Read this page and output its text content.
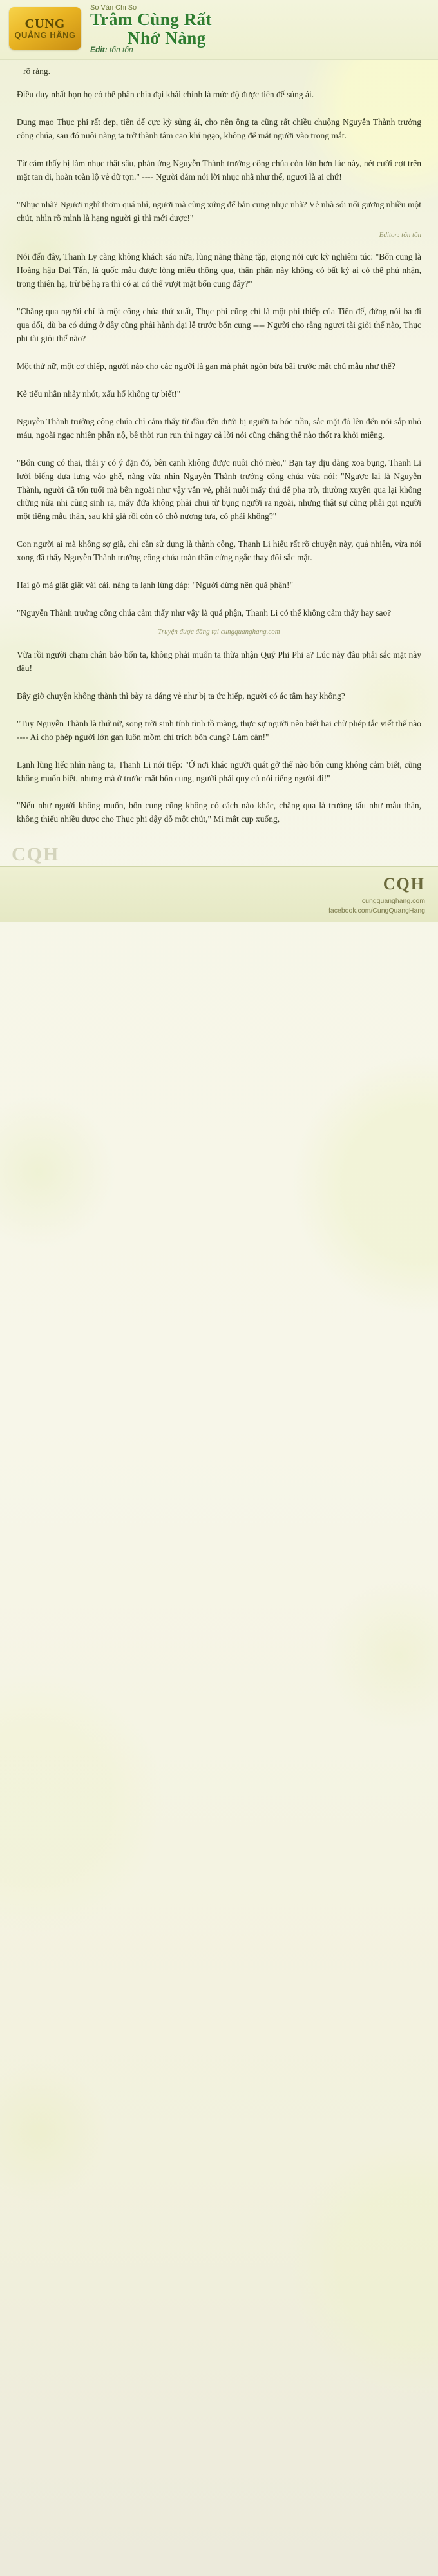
CUNG
QUẢNG HẰNG
So Văn Chi So
Trâm Cùng Rất
Nhớ Nàng
Edit: tốn tốn
rõ ràng.

Điều duy nhất bọn họ có thể phân chia đại khái chính là mức độ được tiên đế sủng ái.

Dung mạo Thục phi rất đẹp, tiên đế cực kỳ sủng ái, cho nên ông ta cũng rất chiều chuộng Nguyễn Thành trưởng công chúa, sau đó nuôi nàng ta trở thành tâm cao khí ngạo, không để mắt người vào trong mắt.

Từ cảm thấy bị làm nhục thật sâu, phản ứng Nguyễn Thành trưởng công chúa còn lớn hơn lúc này, nét cười cợt trên mặt tan đi, hoàn toàn lộ vẻ dữ tợn." ---- Người dám nói lời nhục nhã như thế, ngươi là ai chứ!

"Nhục nhã? Ngươi nghĩ thơm quá nhỉ, ngươi mà cũng xứng để bản cung nhục nhã? Vẻ nhà sói nổi gương nhiều một chút, nhìn rõ mình là hạng người gì thì mới được!"

Editor: tốn tốn

Nói đến đây, Thanh Ly càng không khách sáo nữa, lùng nàng thăng tặp, giọng nói cực kỳ nghiêm túc: "Bổn cung là Hoàng hậu Đại Tấn, là quốc mẫu được lòng miêu thông qua, thân phận này không có bất kỳ ai có thể phủ nhận, trong thiên hạ, trừ bệ hạ ra thì có ai có thể vượt mặt bổn cung đây?"

"Chẳng qua người chỉ là một công chúa thứ xuất, Thục phi cũng chỉ là một phi thiếp của Tiên đế, đứng nói ba đi qua đối, dù ba có đứng ở đây cũng phải hành đại lễ trước bổn cung ---- Người cho rằng ngươi tài giỏi thế nào, Thục phi tài giỏi thế nào?

Một thứ nữ, một cơ thiếp, người nào cho các người là gan mà phát ngôn bừa bãi trước mặt chủ mẫu như thế?

Kẻ tiểu nhân nhảy nhót, xấu hổ không tự biết!"

Nguyễn Thành trưởng công chúa chỉ cảm thấy từ đầu đến dưới bị người ta bóc trần, sắc mặt đỏ lên đến nói sắp nhỏ máu, ngoài ngạc nhiên phẫn nộ, bê thời run run thì ngay cả lời nói cũng chẳng thể nào thốt ra khỏi miệng.

"Bổn cung có thai, thái y có ý đặn đó, bên cạnh không được nuôi chó mèo," Bạn tay dịu dàng xoa bụng, Thanh Li lười biếng dựa lưng vào ghế, nàng vừa nhìn Nguyễn Thành trưởng công chúa vừa nói: "Ngược lại là Nguyễn Thành, người đã tốn tuổi mà bên ngoài như vậy vẫn vẻ, phải nuôi mấy thú để pha trò, thường xuyên qua lại không chừng nữa nhi cũng sinh ra, mấy đứa không phải chui từ bụng người ra ngoài, nhưng thật sự cũng phải gọi người một tiếng mẫu thân, sau khi già rồi còn có chỗ nương tựa, có phải không?"

Con người ai mà không sợ già, chỉ cần sử dụng là thành công, Thanh Li hiểu rất rõ chuyện này, quả nhiên, vừa nói xong đã thấy Nguyễn Thành trưởng công chúa toàn thân cứng ngắc thay đổi sắc mặt.

Hai gò má giật giật vài cái, nàng ta lạnh lùng đáp: "Người đừng nên quá phận!"

"Nguyễn Thành trưởng công chúa cảm thấy như vậy là quá phận, Thanh Li có thể không cảm thấy hay sao?

Truyện được đăng tại cungquanghang.com

Vừa rồi người chạm chân bảo bổn ta, không phải muốn ta thừa nhận Quý Phi Phi a? Lúc này đâu phải sắc mặt này đâu!

Bây giờ chuyện không thành thì bày ra dáng vẻ như bị ta ức hiếp, người có ác tâm hay không?

"Tuy Nguyễn Thành là thứ nữ, song trời sinh tính tình tồ mãng, thực sự người nên biết hai chữ phép tắc viết thế nào ---- Ai cho phép người lớn gan luôn mồm chỉ trích bổn cung? Làm càn!"

Lạnh lùng liếc nhìn nàng ta, Thanh Li nói tiếp: "Ở nơi khác người quát gở thế nào bổn cung không cảm biết, cũng không muốn biết, nhưng mà ở trước mặt bổn cung, người phải quy củ nói tiếng người đi!"

"Nếu như người không muốn, bổn cung cũng không có cách nào khác, chẳng qua là trưởng tấu như mẫu thân, không thiếu nhiều được cho Thục phi dậy dỗ một chút," Mi mắt cụp xuống,

CQH
CQH
cungquanghang.com
facebook.com/CungQuangHang
